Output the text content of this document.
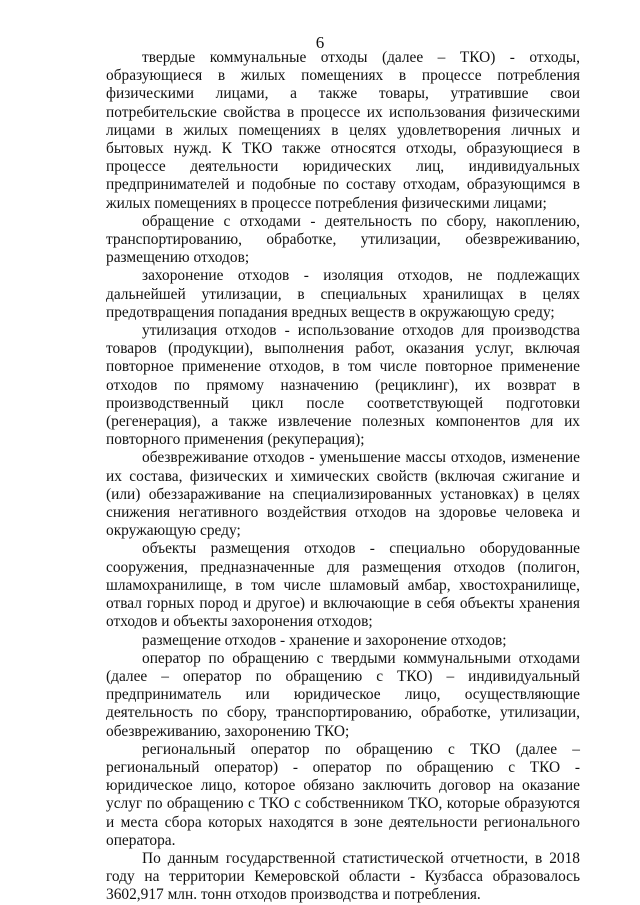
6

твердые коммунальные отходы (далее – ТКО) - отходы, образующиеся в жилых помещениях в процессе потребления физическими лицами, а также товары, утратившие свои потребительские свойства в процессе их использования физическими лицами в жилых помещениях в целях удовлетворения личных и бытовых нужд. К ТКО также относятся отходы, образующиеся в процессе деятельности юридических лиц, индивидуальных предпринимателей и подобные по составу отходам, образующимся в жилых помещениях в процессе потребления физическими лицами;

обращение с отходами - деятельность по сбору, накоплению, транспортированию, обработке, утилизации, обезвреживанию, размещению отходов;

захоронение отходов - изоляция отходов, не подлежащих дальнейшей утилизации, в специальных хранилищах в целях предотвращения попадания вредных веществ в окружающую среду;

утилизация отходов - использование отходов для производства товаров (продукции), выполнения работ, оказания услуг, включая повторное применение отходов, в том числе повторное применение отходов по прямому назначению (рециклинг), их возврат в производственный цикл после соответствующей подготовки (регенерация), а также извлечение полезных компонентов для их повторного применения (рекуперация);

обезвреживание отходов - уменьшение массы отходов, изменение их состава, физических и химических свойств (включая сжигание и (или) обеззараживание на специализированных установках) в целях снижения негативного воздействия отходов на здоровье человека и окружающую среду;

объекты размещения отходов - специально оборудованные сооружения, предназначенные для размещения отходов (полигон, шламохранилище, в том числе шламовый амбар, хвостохранилище, отвал горных пород и другое) и включающие в себя объекты хранения отходов и объекты захоронения отходов;

размещение отходов - хранение и захоронение отходов;

оператор по обращению с твердыми коммунальными отходами (далее – оператор по обращению с ТКО) – индивидуальный предприниматель или юридическое лицо, осуществляющие деятельность по сбору, транспортированию, обработке, утилизации, обезвреживанию, захоронению ТКО;

региональный оператор по обращению с ТКО (далее – региональный оператор) - оператор по обращению с ТКО - юридическое лицо, которое обязано заключить договор на оказание услуг по обращению с ТКО с собственником ТКО, которые образуются и места сбора которых находятся в зоне деятельности регионального оператора.

По данным государственной статистической отчетности, в 2018 году на территории Кемеровской области - Кузбасса образовалось 3602,917 млн. тонн отходов производства и потребления.
